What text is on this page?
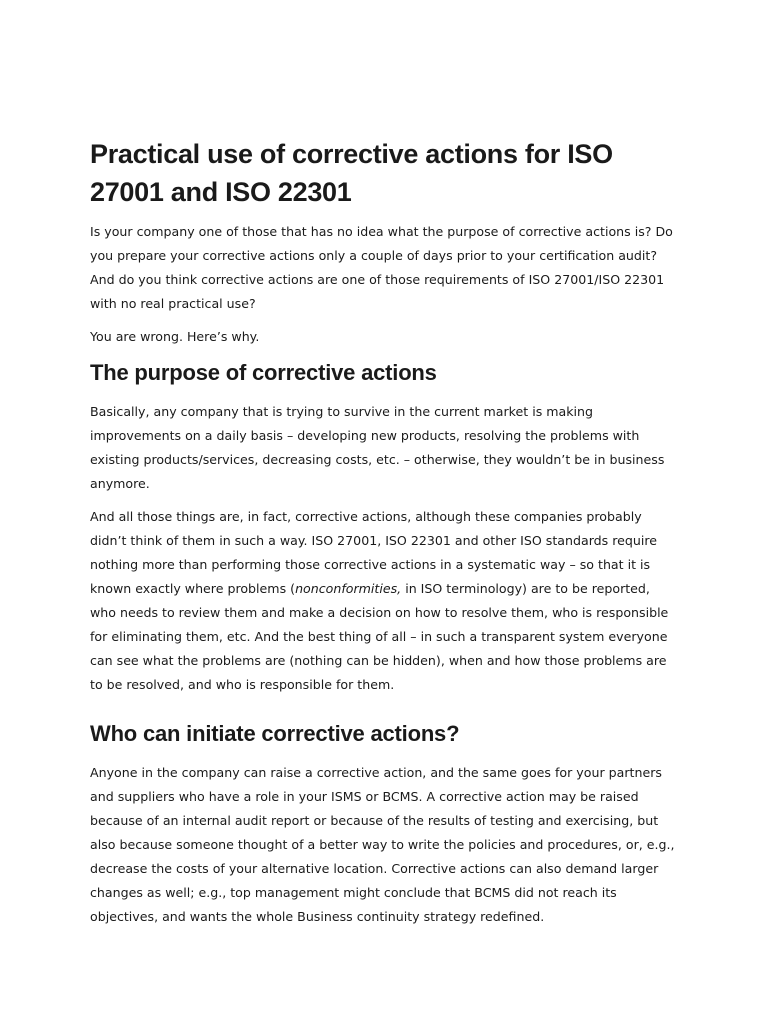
Practical use of corrective actions for ISO 27001 and ISO 22301

Is your company one of those that has no idea what the purpose of corrective actions is? Do you prepare your corrective actions only a couple of days prior to your certification audit? And do you think corrective actions are one of those requirements of ISO 27001/ISO 22301 with no real practical use?

You are wrong. Here’s why.

The purpose of corrective actions

Basically, any company that is trying to survive in the current market is making improvements on a daily basis – developing new products, resolving the problems with existing products/services, decreasing costs, etc. – otherwise, they wouldn’t be in business anymore.

And all those things are, in fact, corrective actions, although these companies probably didn’t think of them in such a way. ISO 27001, ISO 22301 and other ISO standards require nothing more than performing those corrective actions in a systematic way – so that it is known exactly where problems (nonconformities, in ISO terminology) are to be reported, who needs to review them and make a decision on how to resolve them, who is responsible for eliminating them, etc. And the best thing of all – in such a transparent system everyone can see what the problems are (nothing can be hidden), when and how those problems are to be resolved, and who is responsible for them.

Who can initiate corrective actions?

Anyone in the company can raise a corrective action, and the same goes for your partners and suppliers who have a role in your ISMS or BCMS. A corrective action may be raised because of an internal audit report or because of the results of testing and exercising, but also because someone thought of a better way to write the policies and procedures, or, e.g., decrease the costs of your alternative location. Corrective actions can also demand larger changes as well; e.g., top management might conclude that BCMS did not reach its objectives, and wants the whole Business continuity strategy redefined.
